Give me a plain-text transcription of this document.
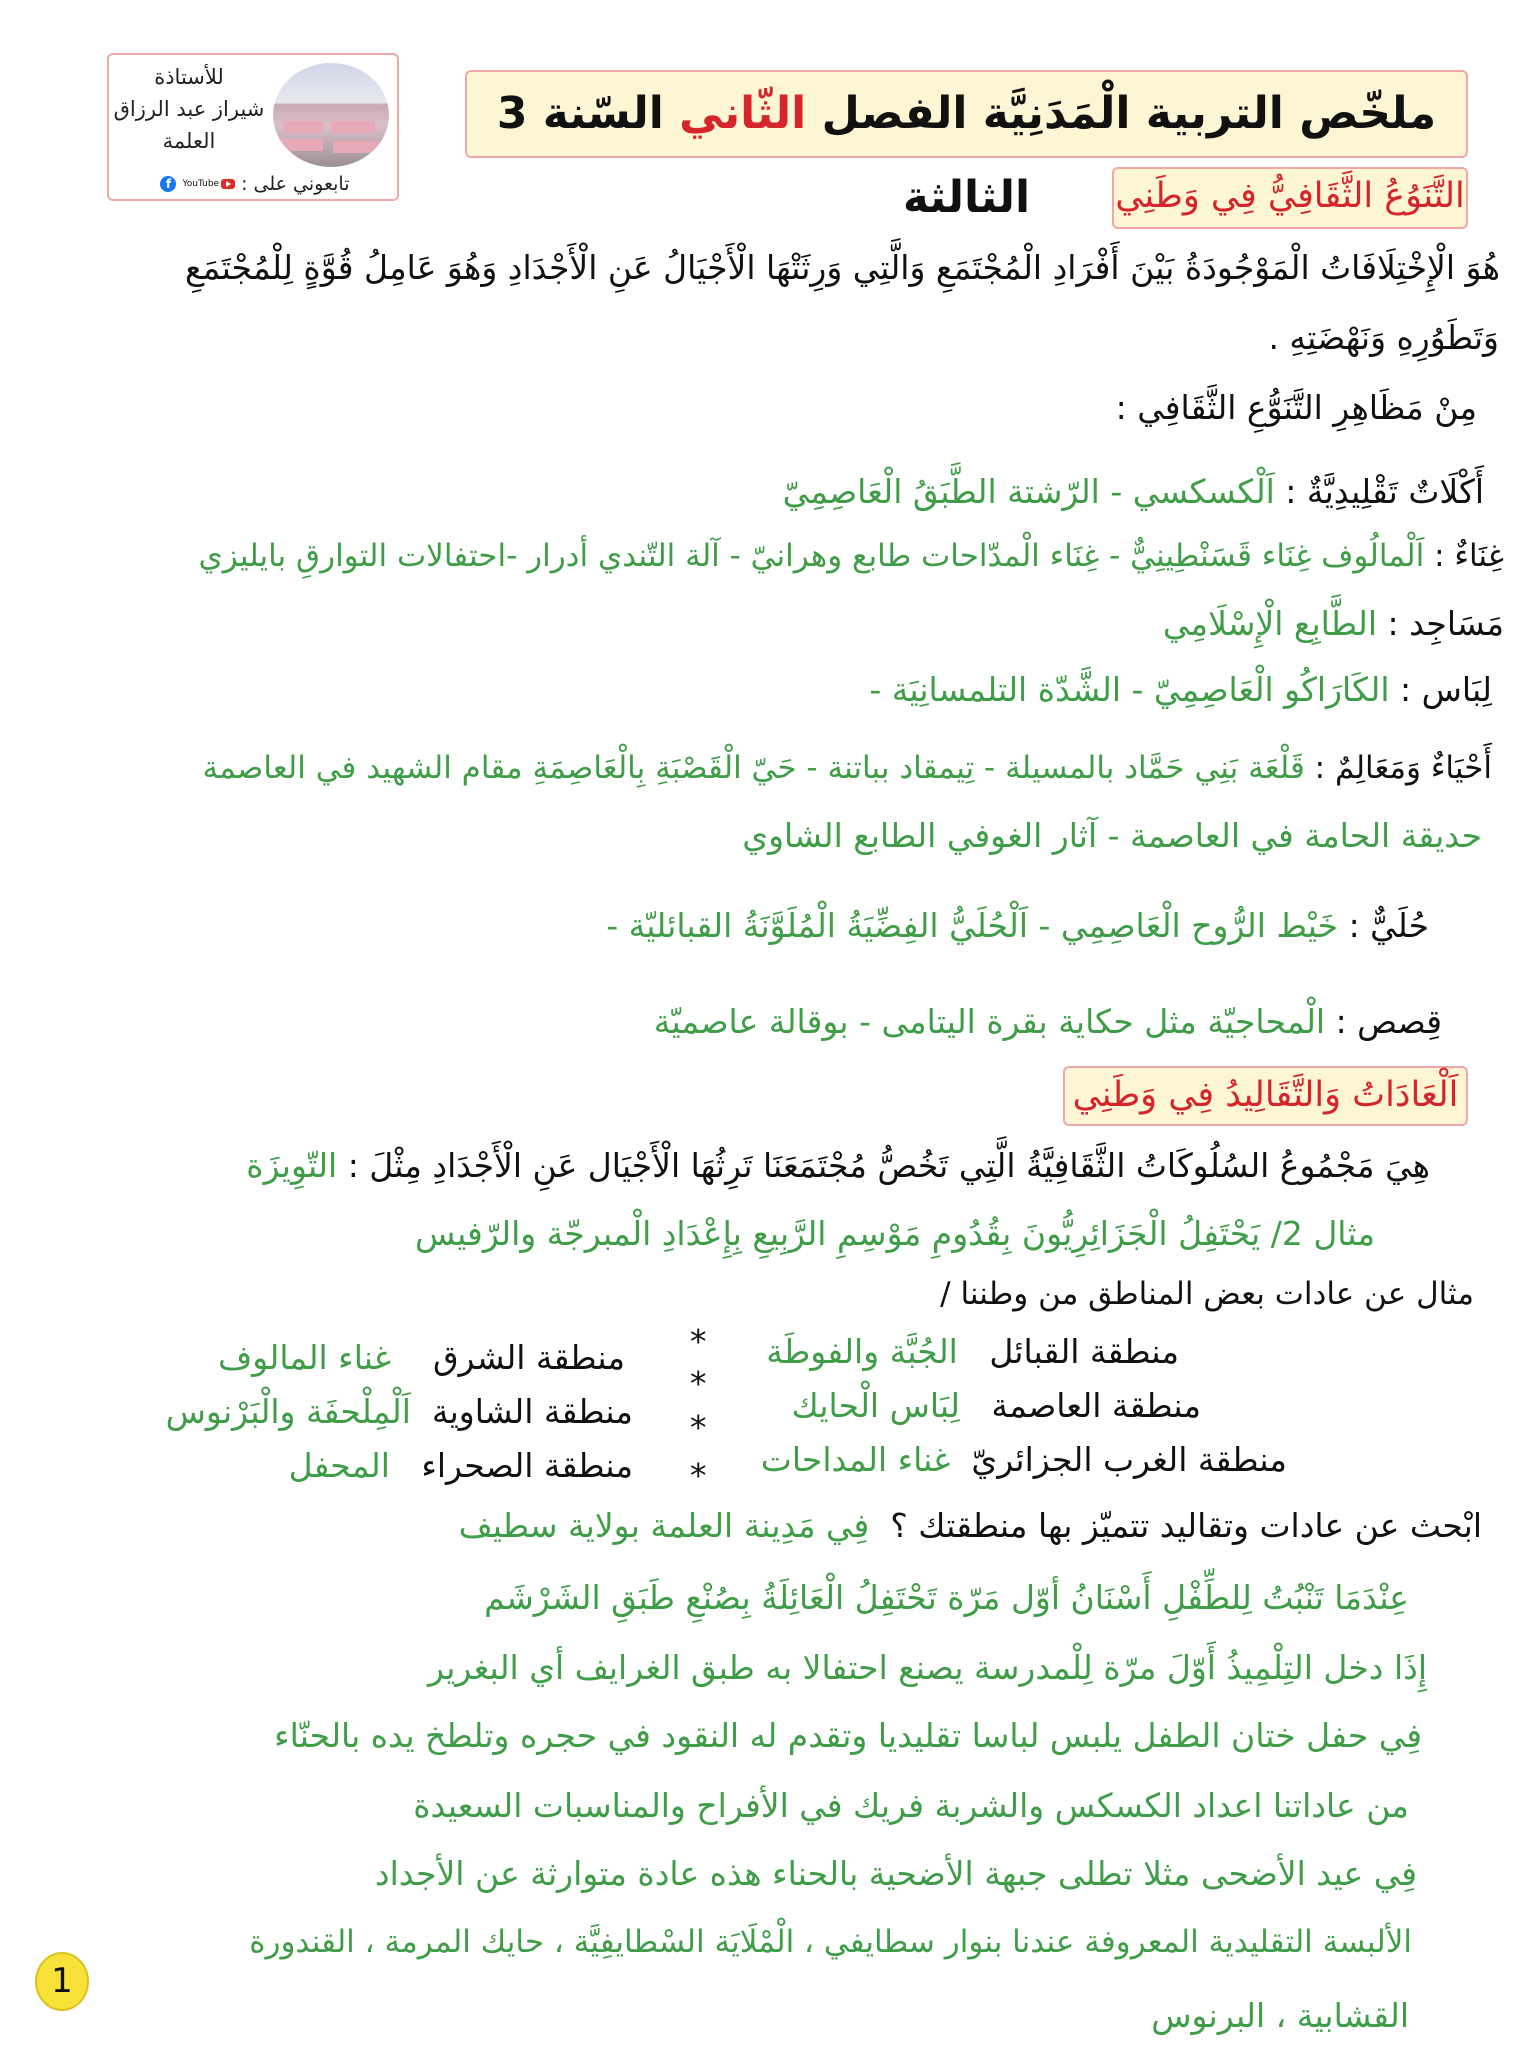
للأستاذة
شيراز عبد الرزاق
العلمة
تابعوني على :
YouTube
f
ملخّص التربية الْمَدَنِيَّة الفصل الثّاني السّنة 3 الثالثة	التَّنَوُعُ الثَّقَافِيُّ فِي وَطَنِي
هُوَ الْإِخْتِلَافَاتُ الْمَوْجُودَةُ بَيْنَ أَفْرَادِ الْمُجْتَمَعِ وَالَّتِي وَرِثَتْهَا الْأَجْيَالُ عَنِ الْأَجْدَادِ وَهُوَ عَامِلُ قُوَّةٍ لِلْمُجْتَمَعِ
وَتَطَوُرِهِ وَنَهْضَتِهِ .
مِنْ مَظَاهِرِ التَّنَوُّعِ الثَّقَافِي :
أَكْلَاتٌ تَقْلِيدِيَّةٌ : اَلْكسكسي - الرّشتة الطَّبَقُ الْعَاصِمِيّ
غِنَاءٌ : اَلْمالُوف غِنَاء قَسَنْطِينِيٌّ - غِنَاء الْمدّاحات طابع وهرانيّ - آلة التّندي أدرار -احتفالات التوارقِ بايليزي
مَسَاجِد : الطَّابِع الْإِسْلَامِي
لِبَاس : الكَارَاكُو الْعَاصِمِيّ - الشَّدّة التلمسانِيَة -
أَحْيَاءٌ وَمَعَالِمٌ : قَلْعَة بَنِي حَمَّاد بالمسيلة - تِيمقاد بباتنة - حَيّ الْقَصْبَةِ بِالْعَاصِمَةِ مقام الشهيد في العاصمة
حديقة الحامة في العاصمة - آثار الغوفي الطابع الشاوي
حُلَيٌّ : خَيْط الرُّوح الْعَاصِمِي - اَلْحُلَيُّ الفِضِّيَةُ الْمُلَوَّنَةُ القبائليّة -
قِصص : الْمحاجيّة مثل حكاية بقرة اليتامى - بوقالة عاصميّة
اَلْعَادَاتُ وَالتَّقَالِيدُ فِي وَطَنِي
هِيَ مَجْمُوعُ السُلُوكَاتُ الثَّقَافِيَّةُ الَّتِي تَخُصُّ مُجْتَمَعَنَا تَرِثُهَا الْأَجْيَال عَنِ الْأَجْدَادِ مِثْلَ : التّوِيزَة
مثال 2/ يَحْتَفِلُ الْجَزَائِرِيُّونَ بِقُدُومِ مَوْسِمِ الرَّبِيعِ بِإِعْدَادِ الْمبرجّة والرّفيس
مثال عن عادات بعض المناطق من وطننا /
منطقة القبائل   الجُبَّة والفوطَة
منطقة العاصمة   لِبَاس الْحايك
منطقة الغرب الجزائريّ  غناء المداحات
*
*
*
*
منطقة الشرق    غناء المالوف
منطقة الشاوية  اَلْمِلْحفَة والْبَرْنوس
منطقة الصحراء   المحفل
ابْحث عن عادات وتقاليد تتميّز بها منطقتك ؟  فِي مَدِينة العلمة بولاية سطيف
عِنْدَمَا تَنْبُتُ لِلطِّفْلِ أَسْنَانُ أوّل مَرّة تَحْتَفِلُ الْعَائِلَةُ بِصُنْعِ طَبَقِ الشَرْشَم
إِذَا دخل التِلْمِيذُ أَوّلَ مرّة لِلْمدرسة يصنع احتفالا به طبق الغرايف أي البغرير
فِي حفل ختان الطفل يلبس لباسا تقليديا وتقدم له النقود في حجره وتلطخ يده بالحنّاء
من عاداتنا اعداد الكسكس والشربة فريك في الأفراح والمناسبات السعيدة
فِي عيد الأضحى مثلا تطلى جبهة الأضحية بالحناء هذه عادة متوارثة عن الأجداد
الألبسة التقليدية المعروفة عندنا بنوار سطايفي ، الْمْلَايَة السْطايفِيَّة ، حايك المرمة ، القندورة
القشابية ، البرنوس
1
